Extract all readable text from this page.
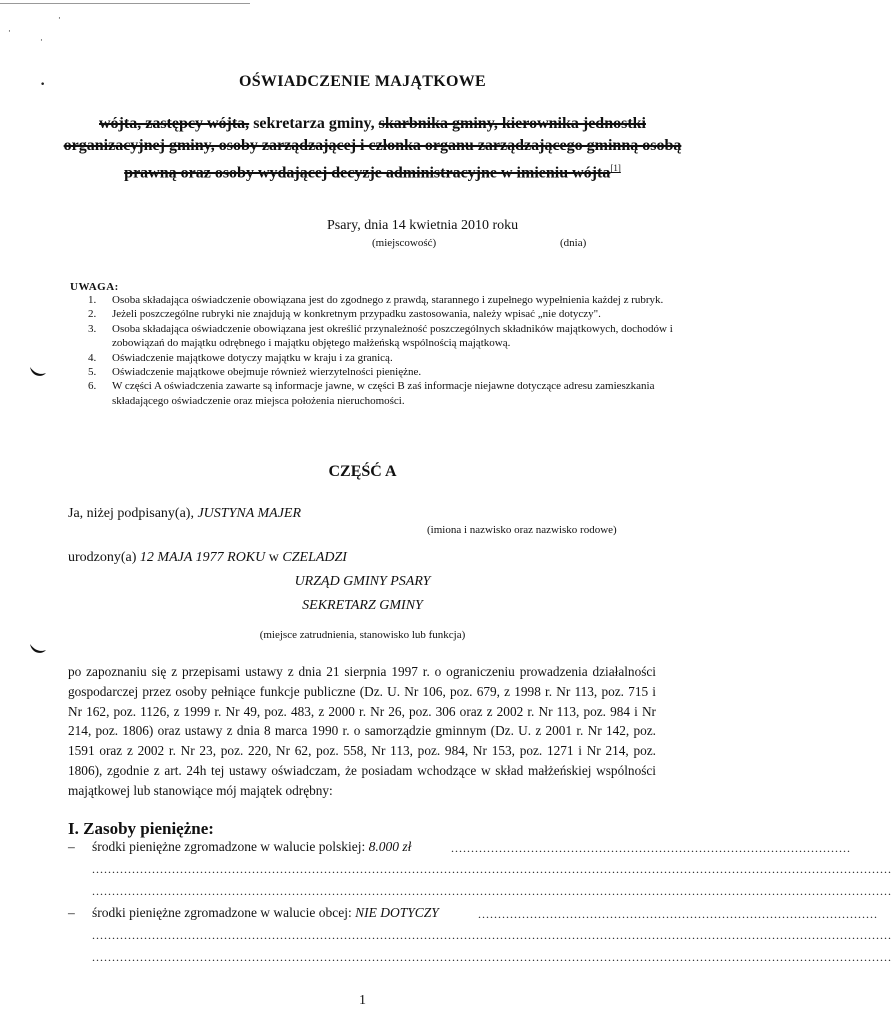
·
·
·
•	OŚWIADCZENIE MAJĄTKOWE
wójta, zastępcy wójta, sekretarza gminy, skarbnika gminy, kierownika jednostki organizacyjnej gminy, osoby zarządzającej i członka organu zarządzającego gminną osobą prawną oraz osoby wydającej decyzje administracyjne w imieniu wójta[1]
Psary, dnia 14 kwietnia 2010 roku
(miejscowość)	(dnia)
UWAGA:
1.	Osoba składająca oświadczenie obowiązana jest do zgodnego z prawdą, starannego i zupełnego wypełnienia każdej z rubryk.
2.	Jeżeli poszczególne rubryki nie znajdują w konkretnym przypadku zastosowania, należy wpisać „nie dotyczy".
3.	Osoba składająca oświadczenie obowiązana jest określić przynależność poszczególnych składników majątkowych, dochodów i zobowiązań do majątku odrębnego i majątku objętego małżeńską wspólnością majątkową.
4.	Oświadczenie majątkowe dotyczy majątku w kraju i za granicą.
5.	Oświadczenie majątkowe obejmuje również wierzytelności pieniężne.
6.	W części A oświadczenia zawarte są informacje jawne, w części B zaś informacje niejawne dotyczące adresu zamieszkania składającego oświadczenie oraz miejsca położenia nieruchomości.
CZĘŚĆ A
Ja, niżej podpisany(a), JUSTYNA MAJER
(imiona i nazwisko oraz nazwisko rodowe)
urodzony(a) 12 MAJA 1977 ROKU w CZELADZI
URZĄD GMINY PSARY
SEKRETARZ GMINY
(miejsce zatrudnienia, stanowisko lub funkcja)
po zapoznaniu się z przepisami ustawy z dnia 21 sierpnia 1997 r. o ograniczeniu prowadzenia działalności gospodarczej przez osoby pełniące funkcje publiczne (Dz. U. Nr 106, poz. 679, z 1998 r. Nr 113, poz. 715 i Nr 162, poz. 1126, z 1999 r. Nr 49, poz. 483, z 2000 r. Nr 26, poz. 306 oraz z 2002 r. Nr 113, poz. 984 i Nr 214, poz. 1806) oraz ustawy z dnia 8 marca 1990 r. o samorządzie gminnym (Dz. U. z 2001 r. Nr 142, poz. 1591 oraz z 2002 r. Nr 23, poz. 220, Nr 62, poz. 558, Nr 113, poz. 984, Nr 153, poz. 1271 i Nr 214, poz. 1806), zgodnie z art. 24h tej ustawy oświadczam, że posiadam wchodzące w skład małżeńskiej wspólności majątkowej lub stanowiące mój majątek odrębny:
I. Zasoby pieniężne:
– środki pieniężne zgromadzone w walucie polskiej: 8.000 zł	....................................................................................................
........................................................................................................................................................................................................
........................................................................................................................................................................................................
– środki pieniężne zgromadzone w walucie obcej: NIE DOTYCZY	....................................................................................................
........................................................................................................................................................................................................
........................................................................................................................................................................................................
1
